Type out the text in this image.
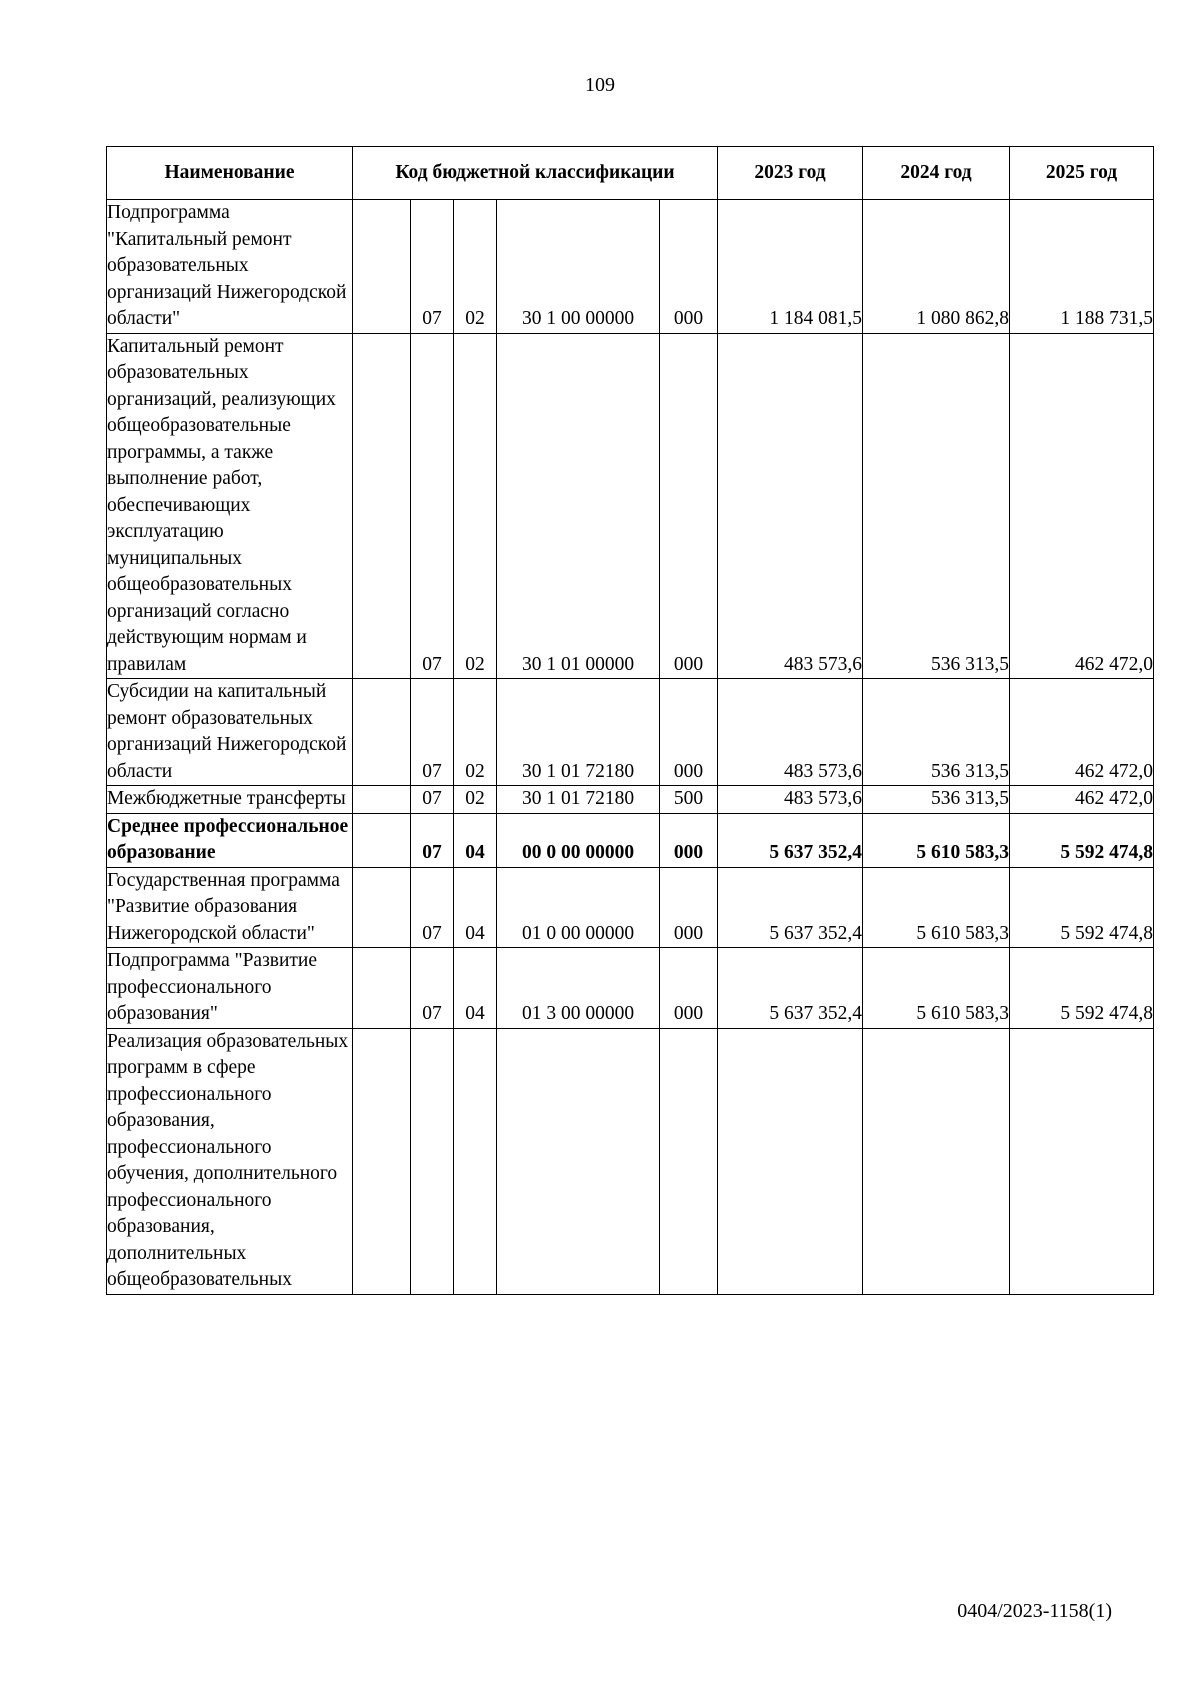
109
Наименование	Код бюджетной классификации					2023 год	2024 год	2025 год
Подпрограмма "Капитальный ремонт образовательных организаций Нижегородской области"		07	02	30 1 00 00000	000	1 184 081,5	1 080 862,8	1 188 731,5
Капитальный ремонт образовательных организаций, реализующих общеобразовательные программы, а также выполнение работ, обеспечивающих эксплуатацию муниципальных общеобразовательных организаций согласно действующим нормам и правилам		07	02	30 1 01 00000	000	483 573,6	536 313,5	462 472,0
Субсидии на капитальный ремонт образовательных организаций Нижегородской области		07	02	30 1 01 72180	000	483 573,6	536 313,5	462 472,0
Межбюджетные трансферты		07	02	30 1 01 72180	500	483 573,6	536 313,5	462 472,0
Среднее профессиональное образование		07	04	00 0 00 00000	000	5 637 352,4	5 610 583,3	5 592 474,8
Государственная программа "Развитие образования Нижегородской области"		07	04	01 0 00 00000	000	5 637 352,4	5 610 583,3	5 592 474,8
Подпрограмма "Развитие профессионального образования"		07	04	01 3 00 00000	000	5 637 352,4	5 610 583,3	5 592 474,8
Реализация образовательных программ в сфере профессионального образования, профессионального обучения, дополнительного профессионального образования, дополнительных общеобразовательных								
0404/2023-1158(1)
